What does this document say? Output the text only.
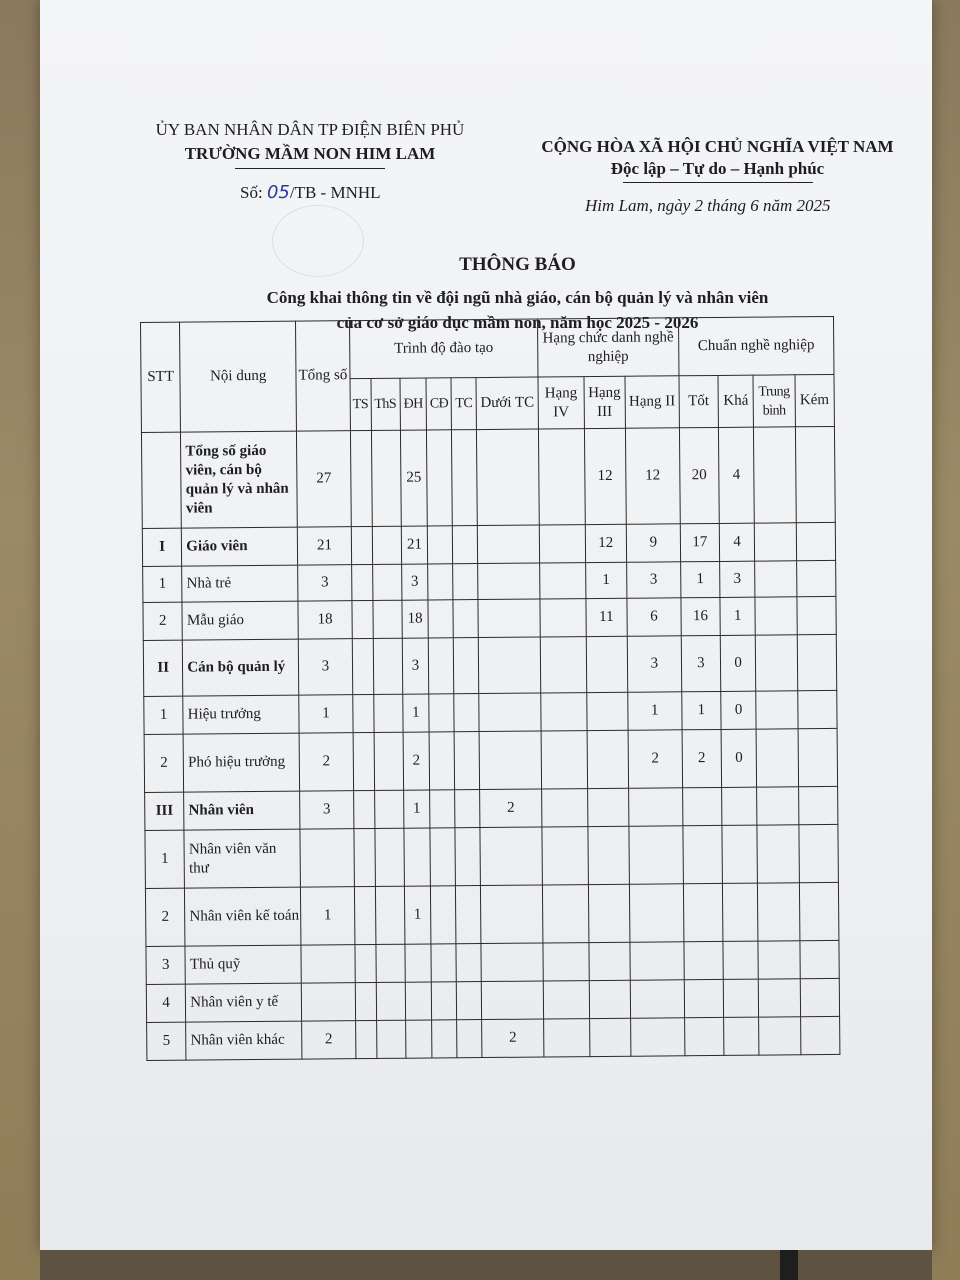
ỦY BAN NHÂN DÂN TP ĐIỆN BIÊN PHỦ
TRƯỜNG MẦM NON HIM LAM
Số: 05/TB - MNHL
CỘNG HÒA XÃ HỘI CHỦ NGHĨA VIỆT NAM
Độc lập – Tự do – Hạnh phúc
Him Lam, ngày 2 tháng 6 năm 2025
THÔNG BÁO
Công khai thông tin về đội ngũ nhà giáo, cán bộ quản lý và nhân viên
của cơ sở giáo dục mầm non, năm học 2025 - 2026
STT	Nội dung	Tổng số	Trình độ đào tạo						Hạng chức danh nghề nghiệp			Chuẩn nghề nghiệp			
			TS	ThS	ĐH	CĐ	TC	Dưới TC	Hạng IV	Hạng III	Hạng II	Tốt	Khá	Trung bình	Kém
	Tổng số giáo viên, cán bộ quản lý và nhân viên	27			25					12	12	20	4		
I	Giáo viên	21			21					12	9	17	4		
1	Nhà trẻ	3			3					1	3	1	3		
2	Mẫu giáo	18			18					11	6	16	1		
II	Cán bộ quản lý	3			3						3	3	0		
1	Hiệu trưởng	1			1						1	1	0		
2	Phó hiệu trưởng	2			2						2	2	0		
III	Nhân viên	3			1			2							
1	Nhân viên văn thư														
2	Nhân viên kế toán	1			1										
3	Thủ quỹ														
4	Nhân viên y tế														
5	Nhân viên khác	2						2							
